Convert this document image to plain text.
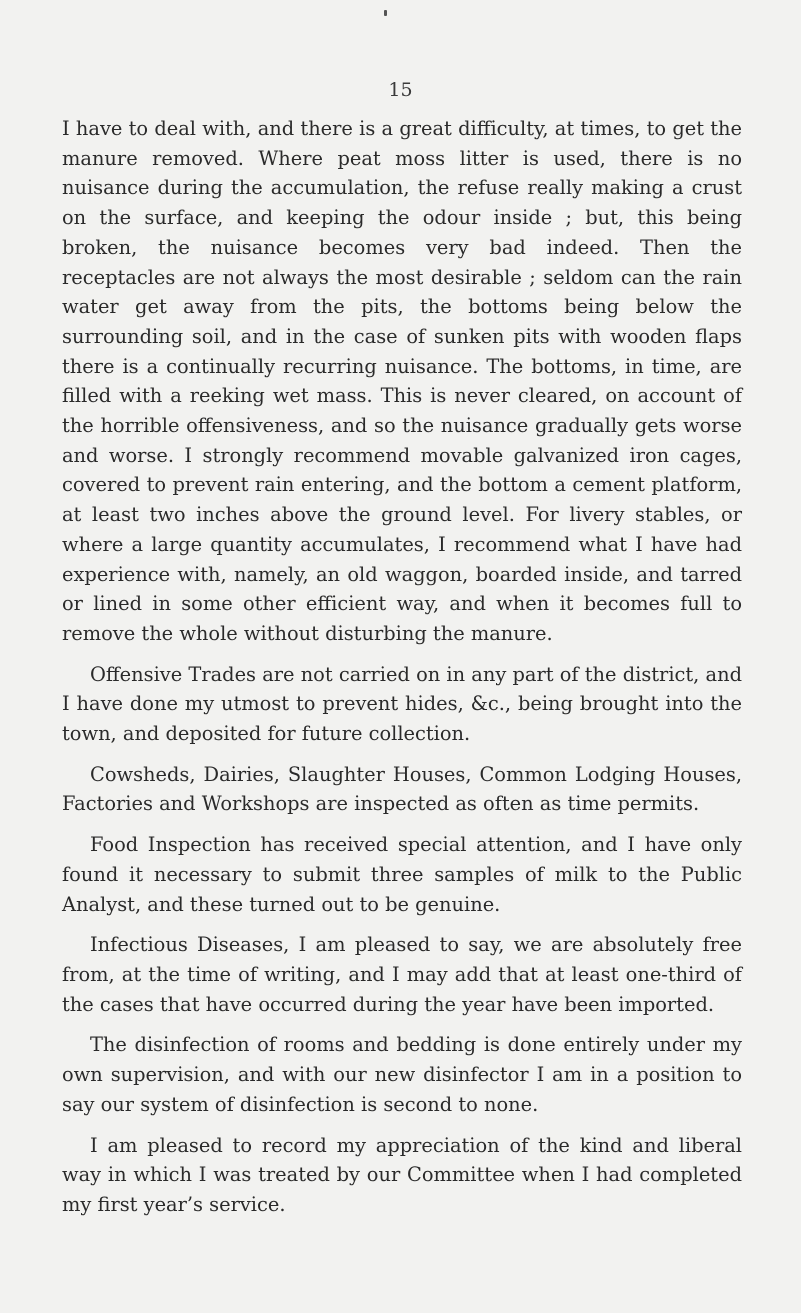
15

I have to deal with, and there is a great difficulty, at times, to get the manure removed. Where peat moss litter is used, there is no nuisance during the accumulation, the refuse really making a crust on the surface, and keeping the odour inside ; but, this being broken, the nuisance becomes very bad indeed. Then the receptacles are not always the most desirable ; seldom can the rain water get away from the pits, the bottoms being below the surrounding soil, and in the case of sunken pits with wooden flaps there is a continually recurring nuisance. The bottoms, in time, are filled with a reeking wet mass. This is never cleared, on account of the horrible offensiveness, and so the nuisance gradually gets worse and worse. I strongly recommend movable galvanized iron cages, covered to prevent rain entering, and the bottom a cement platform, at least two inches above the ground level. For livery stables, or where a large quantity accumulates, I recommend what I have had experience with, namely, an old waggon, boarded inside, and tarred or lined in some other efficient way, and when it becomes full to remove the whole without disturbing the manure.

Offensive Trades are not carried on in any part of the district, and I have done my utmost to prevent hides, &c., being brought into the town, and deposited for future collection.

Cowsheds, Dairies, Slaughter Houses, Common Lodging Houses, Factories and Workshops are inspected as often as time permits.

Food Inspection has received special attention, and I have only found it necessary to submit three samples of milk to the Public Analyst, and these turned out to be genuine.

Infectious Diseases, I am pleased to say, we are absolutely free from, at the time of writing, and I may add that at least one-third of the cases that have occurred during the year have been imported.

The disinfection of rooms and bedding is done entirely under my own supervision, and with our new disinfector I am in a position to say our system of disinfection is second to none.

I am pleased to record my appreciation of the kind and liberal way in which I was treated by our Committee when I had completed my first year’s service.
